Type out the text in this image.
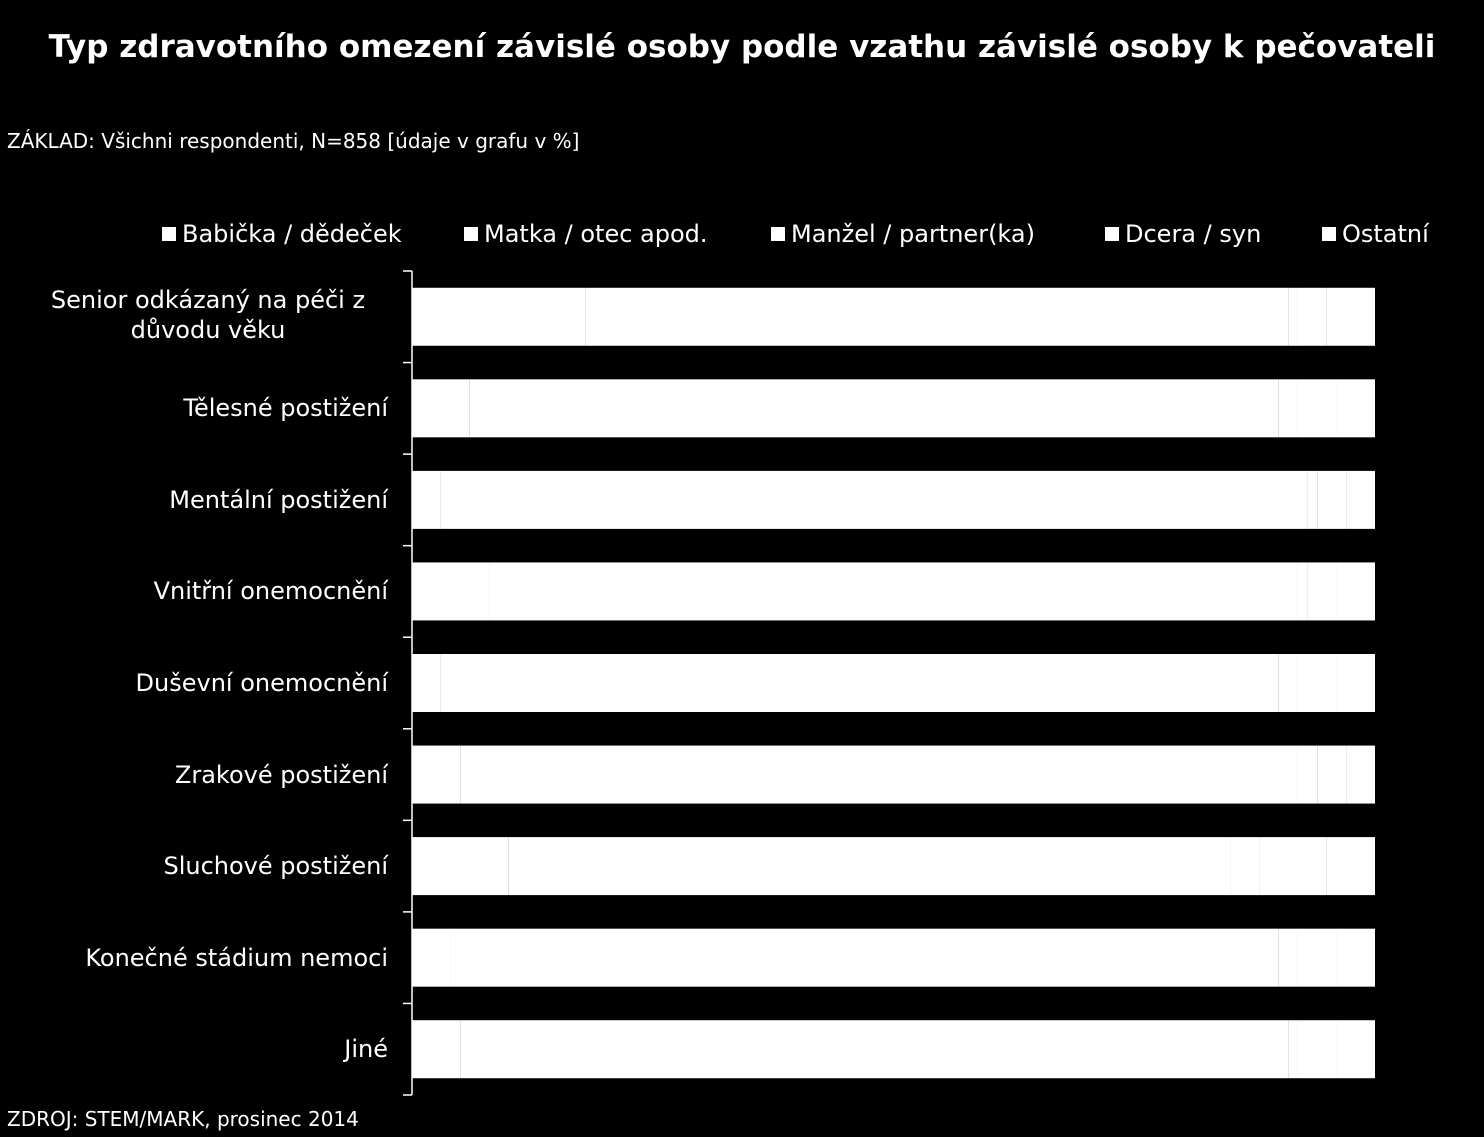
Typ zdravotního omezení závislé osoby podle vzathu závislé osoby k pečovateli
ZÁKLAD: Všichni respondenti, N=858 [údaje v grafu v %]
Babička / dědeček	Matka / otec apod.	Manžel / partner(ka)	Dcera / syn	Ostatní
Senior odkázaný na péči z důvodu věku
Tělesné postižení
Mentální postižení
Vnitřní onemocnění
Duševní onemocnění
Zrakové postižení
Sluchové postižení
Konečné stádium nemoci
Jiné
ZDROJ: STEM/MARK, prosinec 2014
